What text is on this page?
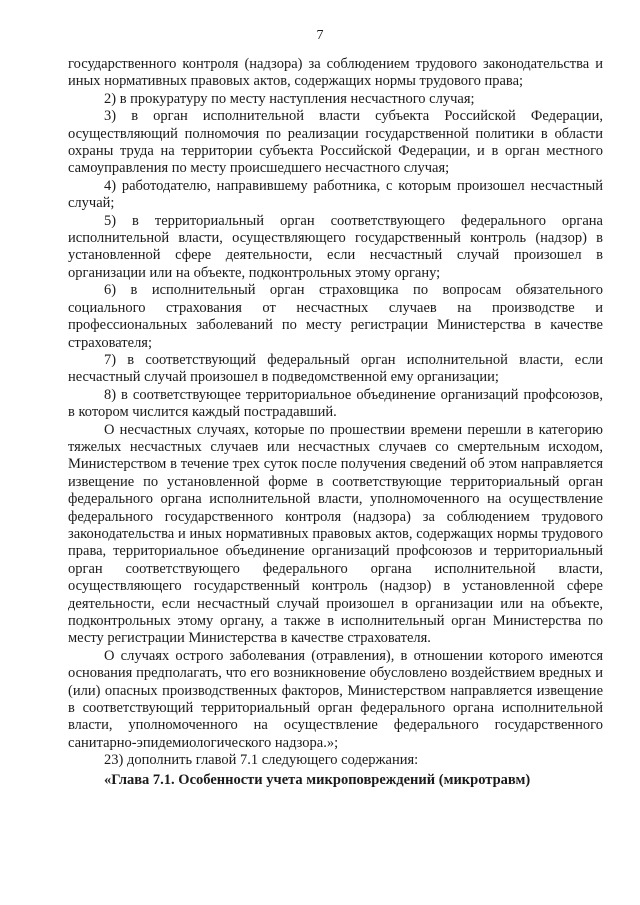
7

государственного контроля (надзора) за соблюдением трудового законодательства и иных нормативных правовых актов, содержащих нормы трудового права;

2) в прокуратуру по месту наступления несчастного случая;

3) в орган исполнительной власти субъекта Российской Федерации, осуществляющий полномочия по реализации государственной политики в области охраны труда на территории субъекта Российской Федерации, и в орган местного самоуправления по месту происшедшего несчастного случая;

4) работодателю, направившему работника, с которым произошел несчастный случай;

5) в территориальный орган соответствующего федерального органа исполнительной власти, осуществляющего государственный контроль (надзор) в установленной сфере деятельности, если несчастный случай произошел в организации или на объекте, подконтрольных этому органу;

6) в исполнительный орган страховщика по вопросам обязательного социального страхования от несчастных случаев на производстве и профессиональных заболеваний по месту регистрации Министерства в качестве страхователя;

7) в соответствующий федеральный орган исполнительной власти, если несчастный случай произошел в подведомственной ему организации;

8) в соответствующее территориальное объединение организаций профсоюзов, в котором числится каждый пострадавший.

О несчастных случаях, которые по прошествии времени перешли в категорию тяжелых несчастных случаев или несчастных случаев со смертельным исходом, Министерством в течение трех суток после получения сведений об этом направляется извещение по установленной форме в соответствующие территориальный орган федерального органа исполнительной власти, уполномоченного на осуществление федерального государственного контроля (надзора) за соблюдением трудового законодательства и иных нормативных правовых актов, содержащих нормы трудового права, территориальное объединение организаций профсоюзов и территориальный орган соответствующего федерального органа исполнительной власти, осуществляющего государственный контроль (надзор) в установленной сфере деятельности, если несчастный случай произошел в организации или на объекте, подконтрольных этому органу, а также в исполнительный орган Министерства по месту регистрации Министерства в качестве страхователя.

О случаях острого заболевания (отравления), в отношении которого имеются основания предполагать, что его возникновение обусловлено воздействием вредных и (или) опасных производственных факторов, Министерством направляется извещение в соответствующий территориальный орган федерального органа исполнительной власти, уполномоченного на осуществление федерального государственного санитарно-эпидемиологического надзора.»;

23) дополнить главой 7.1 следующего содержания:

«Глава 7.1. Особенности учета микроповреждений (микротравм)
